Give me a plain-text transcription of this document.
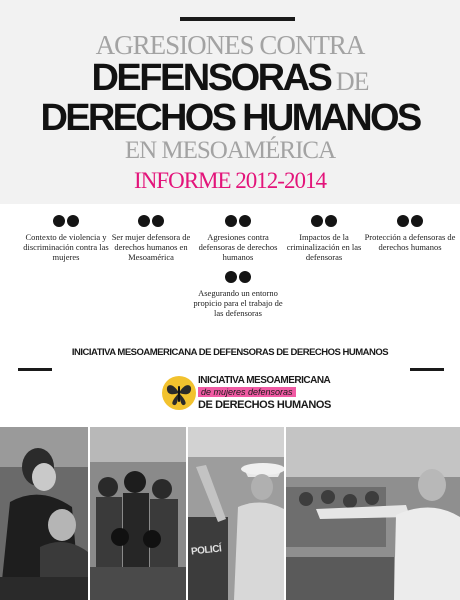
AGRESIONES CONTRA
DEFENSORAS DE
DERECHOS HUMANOS
EN MESOAMÉRICA
INFORME 2012-2014
Contexto de violencia y discriminación contra las mujeres
Ser mujer defensora de derechos humanos en Mesoamérica
Agresiones contra defensoras de derechos humanos
Impactos de la criminalización en las defensoras
Protección a defensoras de derechos humanos
Asegurando un entorno propicio para el trabajo de las defensoras
INICIATIVA MESOAMERICANA DE DEFENSORAS DE DERECHOS HUMANOS
INICIATIVA MESOAMERICANA
de mujeres defensoras
DE DERECHOS HUMANOS
POLICÍ
